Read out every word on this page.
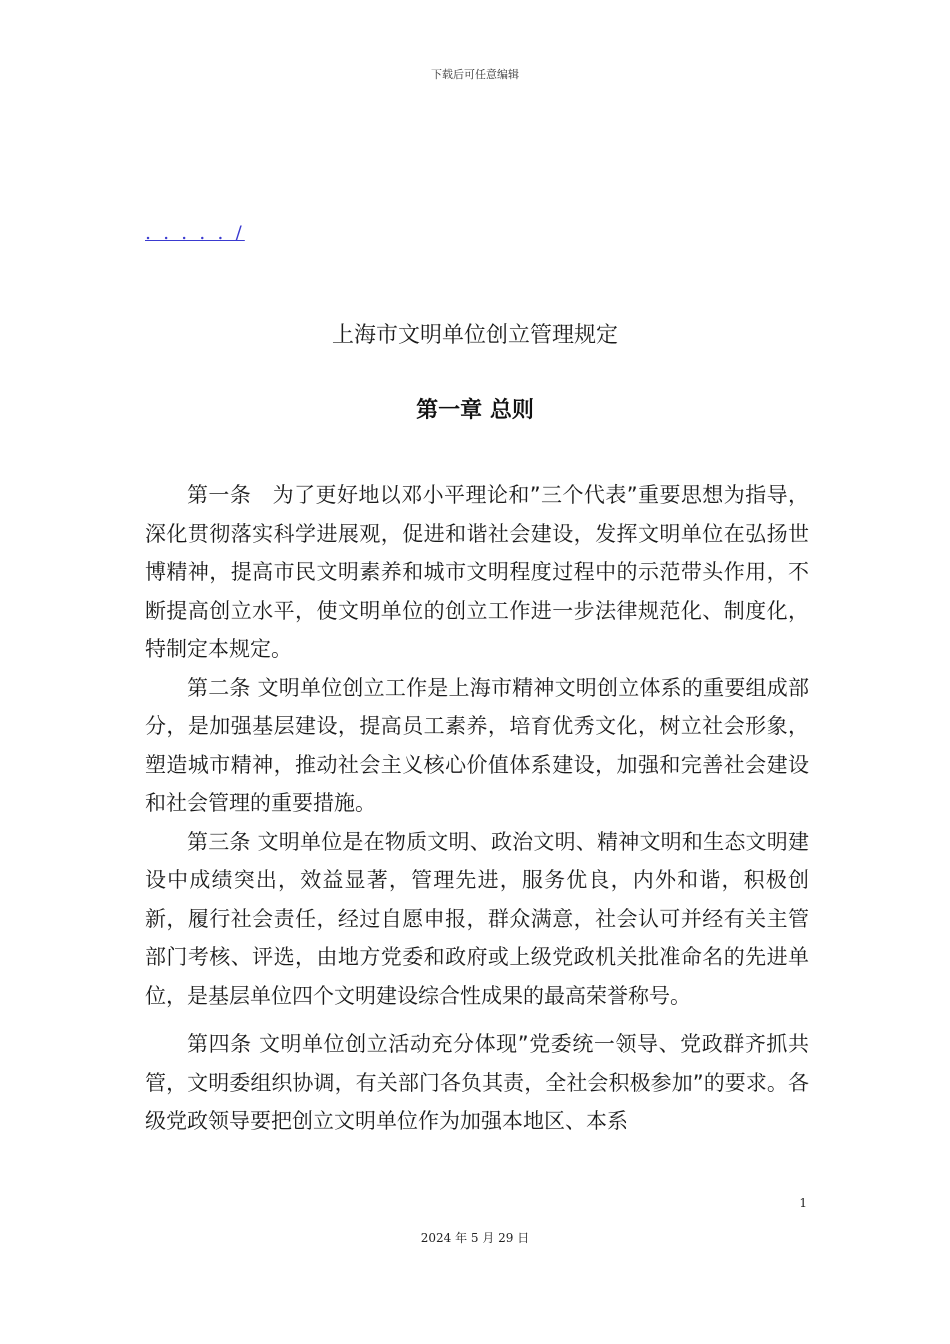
下载后可任意编辑
. . . . . /
上海市文明单位创立管理规定
第一章 总则

第一条　为了更好地以邓小平理论和”三个代表”重要思想为指导，深化贯彻落实科学进展观，促进和谐社会建设，发挥文明单位在弘扬世博精神，提高市民文明素养和城市文明程度过程中的示范带头作用，不断提高创立水平，使文明单位的创立工作进一步法律规范化、制度化，特制定本规定。

第二条 文明单位创立工作是上海市精神文明创立体系的重要组成部分，是加强基层建设，提高员工素养，培育优秀文化，树立社会形象，塑造城市精神，推动社会主义核心价值体系建设，加强和完善社会建设和社会管理的重要措施。

第三条 文明单位是在物质文明、政治文明、精神文明和生态文明建设中成绩突出，效益显著，管理先进，服务优良，内外和谐，积极创新，履行社会责任，经过自愿申报，群众满意，社会认可并经有关主管部门考核、评选，由地方党委和政府或上级党政机关批准命名的先进单位，是基层单位四个文明建设综合性成果的最高荣誉称号。

第四条 文明单位创立活动充分体现”党委统一领导、党政群齐抓共管，文明委组织协调，有关部门各负其责，全社会积极参加”的要求。各级党政领导要把创立文明单位作为加强本地区、本系

1
2024 年 5 月 29 日
